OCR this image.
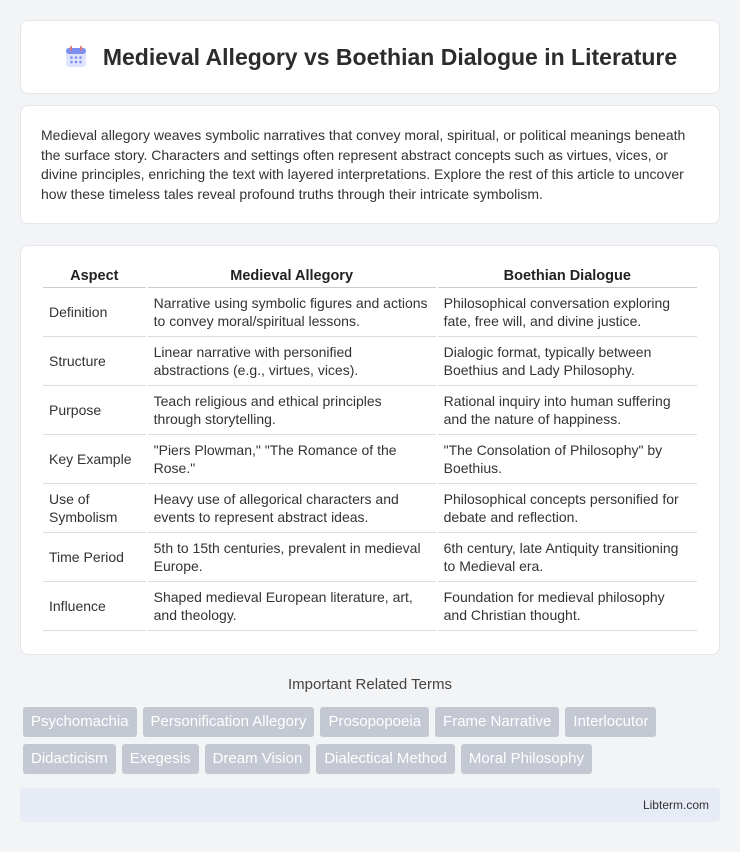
Medieval Allegory vs Boethian Dialogue in Literature

Medieval allegory weaves symbolic narratives that convey moral, spiritual, or political meanings beneath the surface story. Characters and settings often represent abstract concepts such as virtues, vices, or divine principles, enriching the text with layered interpretations. Explore the rest of this article to uncover how these timeless tales reveal profound truths through their intricate symbolism.

Aspect	Medieval Allegory	Boethian Dialogue
Definition	Narrative using symbolic figures and actions to convey moral/spiritual lessons.	Philosophical conversation exploring fate, free will, and divine justice.
Structure	Linear narrative with personified abstractions (e.g., virtues, vices).	Dialogic format, typically between Boethius and Lady Philosophy.
Purpose	Teach religious and ethical principles through storytelling.	Rational inquiry into human suffering and the nature of happiness.
Key Example	"Piers Plowman," "The Romance of the Rose."	"The Consolation of Philosophy" by Boethius.
Use of Symbolism	Heavy use of allegorical characters and events to represent abstract ideas.	Philosophical concepts personified for debate and reflection.
Time Period	5th to 15th centuries, prevalent in medieval Europe.	6th century, late Antiquity transitioning to Medieval era.
Influence	Shaped medieval European literature, art, and theology.	Foundation for medieval philosophy and Christian thought.
Important Related Terms
Psychomachia	Personification Allegory	Prosopopoeia	Frame Narrative	Interlocutor
Didacticism	Exegesis	Dream Vision	Dialectical Method	Moral Philosophy
Libterm.com
